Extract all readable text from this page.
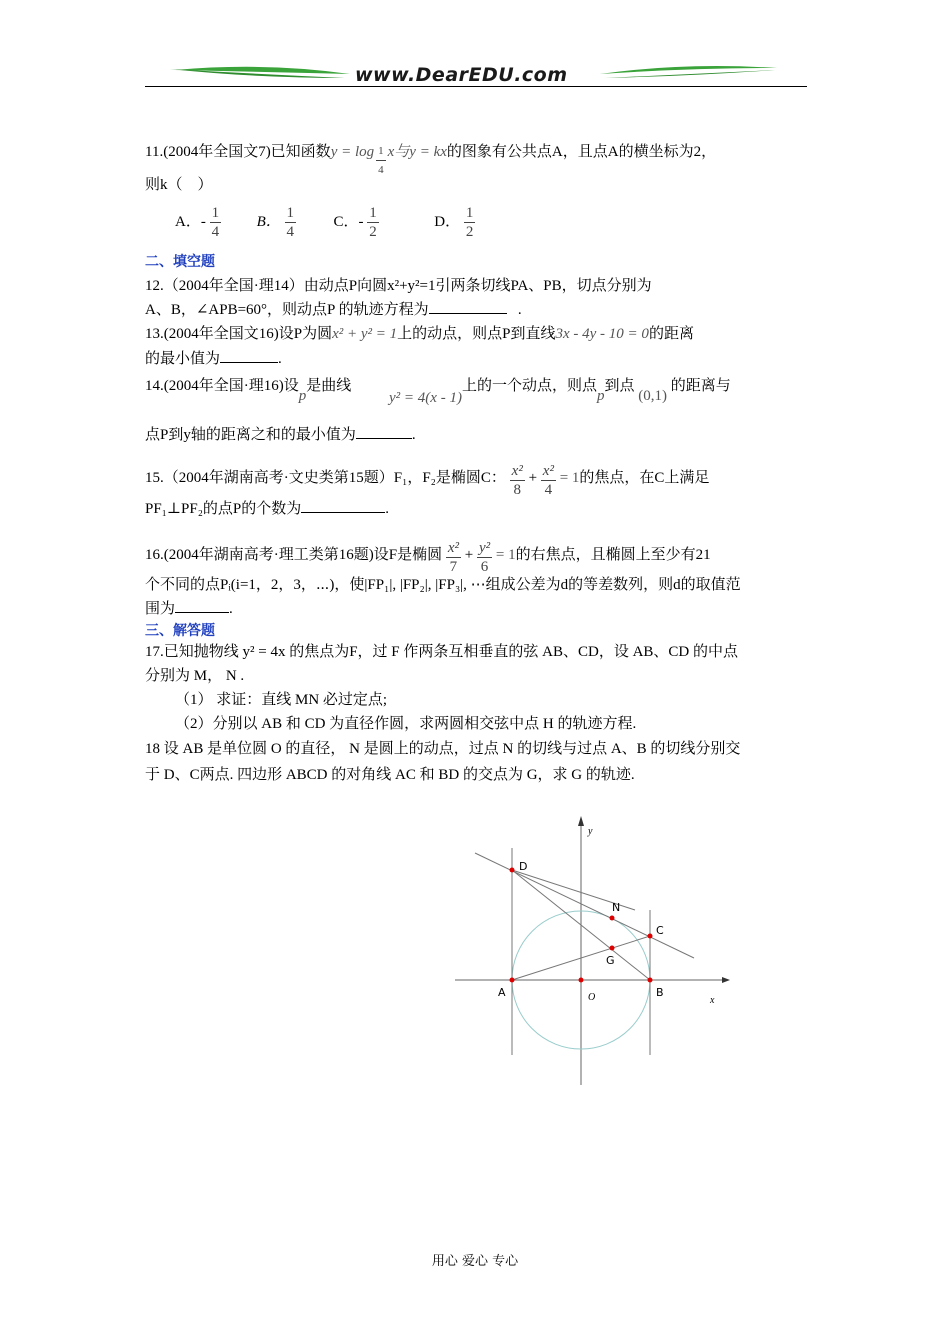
www.DearEDU.com
11.(2004年全国文7)已知函数$y = \log \frac{1}{4}$ x与y = kx的图象有公共点A，且点A的横坐标为2，
则k（　）
A．- $\frac{1}{4}$ B． $\frac{1}{4}$	C．- $\frac{1}{2}$	D． $\frac{1}{2}$
二、填空题
12.（2004年全国·理14）由动点P向圆x²+y²=1引两条切线PA、PB，切点分别为
A、B，∠APB=60°，则动点P 的轨迹方程为	.
13.(2004年全国文16)设P为圆x² + y² = 1上的动点，则点P到直线3x - 4y - 10 = 0的距离
的最小值为	.
14.(2004年全国·理16)设p是曲线 y² = 4(x - 1)上的一个动点，则点p到点 (0,1) 的距离与
点P到y轴的距离之和的最小值为	.
15.（2004年湖南高考·文史类第15题）F₁，F₂是椭圆C： $\frac{\text{x²}}{8} + \frac{\text{x²}}{4} = 1$的焦点，在C上满足
PF₁⊥PF₂的点P的个数为	.
16.(2004年湖南高考·理工类第16题)设F是椭圆 $\frac{\text{x²}}{7} + \frac{\text{y²}}{6} = 1$的右焦点，且椭圆上至少有21
个不同的点Pᵢ(i=1，2，3，⋯)，使|FP₁|, |FP₂|, |FP₃|, ⋯组成公差为d的等差数列，则d的取值范
围为	.
三、解答题
17.已知抛物线 y² = 4x 的焦点为F，过 F 作两条互相垂直的弦 AB、CD，设 AB、CD 的中点
分别为 M， N .
（1） 求证：直线 MN 必过定点;
（2）分别以 AB 和 CD 为直径作圆，求两圆相交弦中点 H 的轨迹方程.
18 设 AB 是单位圆 O 的直径， N 是圆上的动点，过点 N 的切线与过点 A、B 的切线分别交
于 D、C两点. 四边形 ABCD 的对角线 AC 和 BD 的交点为 G，求 G 的轨迹.
D
N
C
G
A	O	B
x
y
用心 爱心 专心
